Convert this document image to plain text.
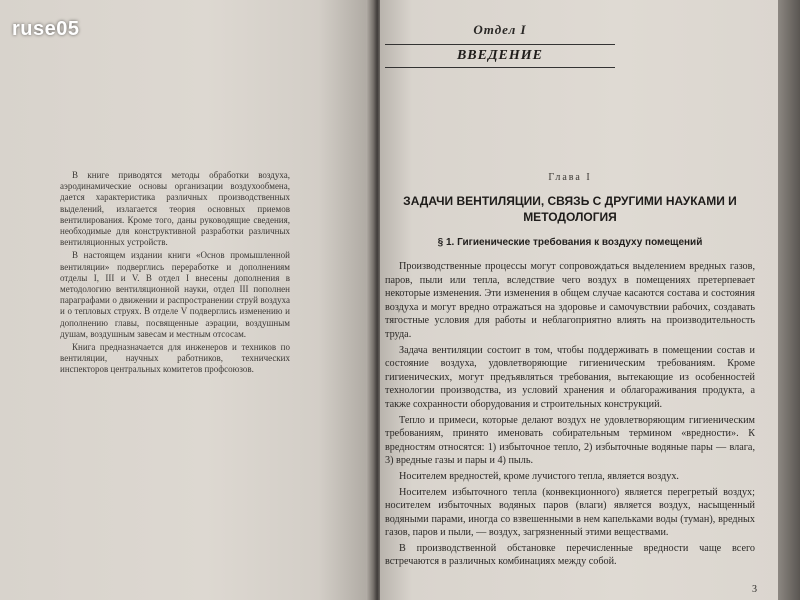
В книге приводятся методы обработки воздуха, аэродинамические основы организации воздухообмена, дается характеристика различных производственных выделений, излагается теория основных приемов вентилирования. Кроме того, даны руководящие сведения, необходимые для конструктивной разработки различных вентиляционных устройств.

В настоящем издании книги «Основ промышленной вентиляции» подверглись переработке и дополнениям отделы I, III и V. В отдел I внесены дополнения в методологию вентиляционной науки, отдел III пополнен параграфами о движении и распространении струй воздуха и о тепловых струях. В отделе V подверглись изменению и дополнению главы, посвященные аэрации, воздушным душам, воздушным завесам и местным отсосам.

Книга предназначается для инженеров и техников по вентиляции, научных работников, технических инспекторов центральных комитетов профсоюзов.

Отдел I
ВВЕДЕНИЕ
Глава I
ЗАДАЧИ ВЕНТИЛЯЦИИ, СВЯЗЬ С ДРУГИМИ НАУКАМИ И МЕТОДОЛОГИЯ
§ 1. Гигиенические требования к воздуху помещений

Производственные процессы могут сопровождаться выделением вредных газов, паров, пыли или тепла, вследствие чего воздух в помещениях претерпевает некоторые изменения. Эти изменения в общем случае касаются состава и состояния воздуха и могут вредно отражаться на здоровье и самочувствии рабочих, создавать тягостные условия для работы и неблагоприятно влиять на производительность труда.

Задача вентиляции состоит в том, чтобы поддерживать в помещении состав и состояние воздуха, удовлетворяющие гигиеническим требованиям. Кроме гигиенических, могут предъявляться требования, вытекающие из особенностей технологии производства, из условий хранения и облагораживания продукта, а также сохранности оборудования и строительных конструкций.

Тепло и примеси, которые делают воздух не удовлетворяющим гигиеническим требованиям, принято именовать собирательным термином «вредности». К вредностям относятся: 1) избыточное тепло, 2) избыточные водяные пары — влага, 3) вредные газы и пары и 4) пыль.

Носителем вредностей, кроме лучистого тепла, является воздух.

Носителем избыточного тепла (конвекционного) является перегретый воздух; носителем избыточных водяных паров (влаги) является воздух, насыщенный водяными парами, иногда со взвешенными в нем капельками воды (туман), вредных газов, паров и пыли, — воздух, загрязненный этими веществами.

В производственной обстановке перечисленные вредности чаще всего встречаются в различных комбинациях между собой.

3
ruse05
